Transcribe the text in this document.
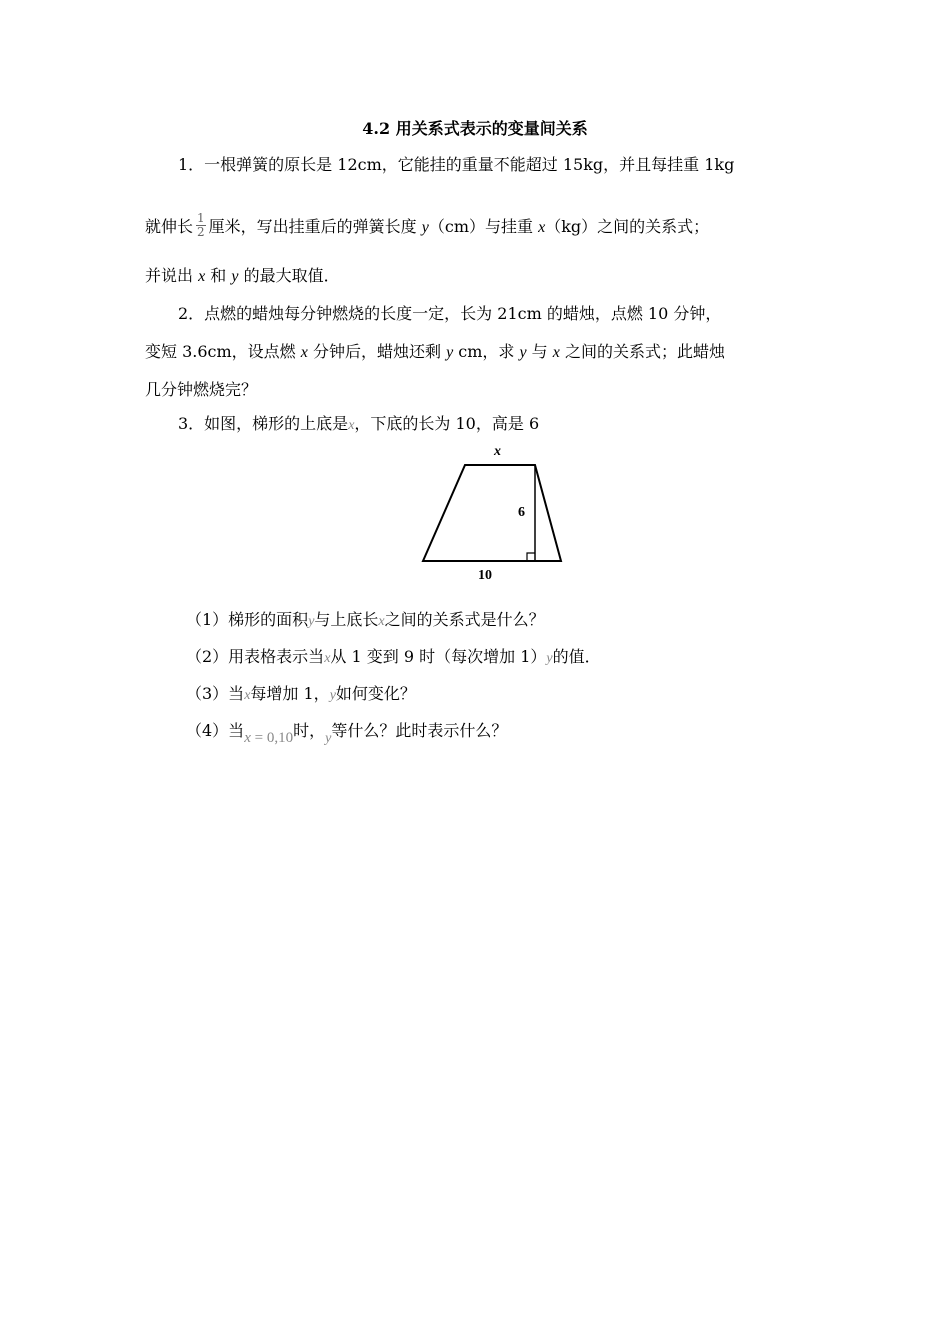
4.2 用关系式表示的变量间关系
1．一根弹簧的原长是 12cm，它能挂的重量不能超过 15kg，并且每挂重 1kg
就伸长 $\frac{1}{2}$ 厘米，写出挂重后的弹簧长度 y（cm）与挂重 x（kg）之间的关系式；
并说出 x 和 y 的最大取值．
2．点燃的蜡烛每分钟燃烧的长度一定，长为 21cm 的蜡烛，点燃 10 分钟，
变短 3.6cm，设点燃 x 分钟后，蜡烛还剩 y cm，求 y 与 x 之间的关系式；此蜡烛
几分钟燃烧完？
3．如图，梯形的上底是x，下底的长为 10，高是 6
x
6
10
（1）梯形的面积y与上底长x之间的关系式是什么？
（2）用表格表示当x从 1 变到 9 时（每次增加 1）y的值．
（3）当x每增加 1，y如何变化？
（4）当x = 0,10时，y等什么？此时表示什么？
